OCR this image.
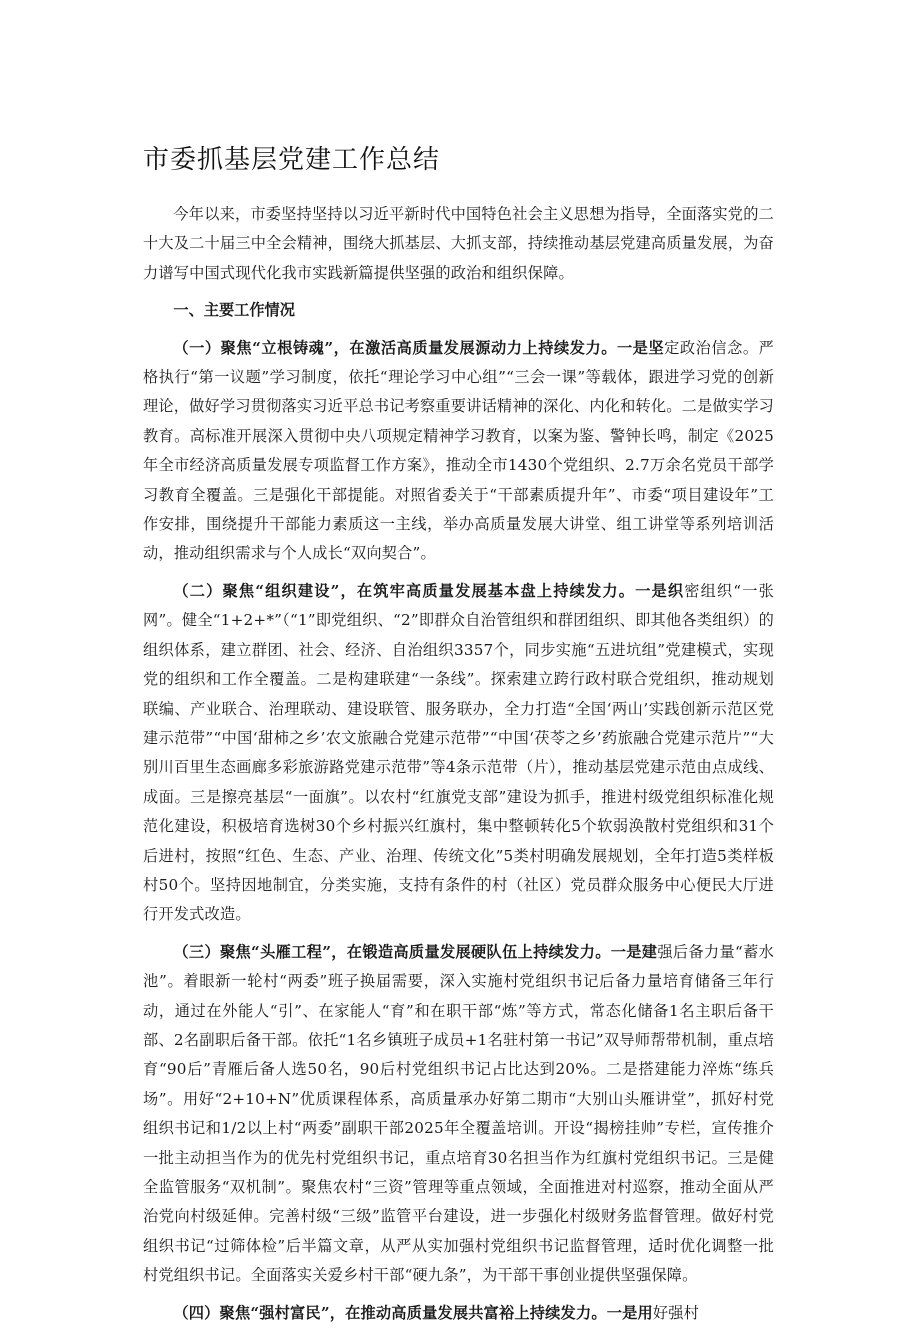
市委抓基层党建工作总结

今年以来，市委坚持坚持以习近平新时代中国特色社会主义思想为指导，全面落实党的二十大及二十届三中全会精神，围绕大抓基层、大抓支部，持续推动基层党建高质量发展，为奋力谱写中国式现代化我市实践新篇提供坚强的政治和组织保障。

一、主要工作情况

（一）聚焦“立根铸魂”，在激活高质量发展源动力上持续发力。一是坚定政治信念。严格执行“第一议题”学习制度，依托“理论学习中心组”“三会一课”等载体，跟进学习党的创新理论，做好学习贯彻落实习近平总书记考察重要讲话精神的深化、内化和转化。二是做实学习教育。高标准开展深入贯彻中央八项规定精神学习教育，以案为鉴、警钟长鸣，制定《2025年全市经济高质量发展专项监督工作方案》，推动全市1430个党组织、2.7万余名党员干部学习教育全覆盖。三是强化干部提能。对照省委关于“干部素质提升年”、市委“项目建设年”工作安排，围绕提升干部能力素质这一主线，举办高质量发展大讲堂、组工讲堂等系列培训活动，推动组织需求与个人成长“双向契合”。

（二）聚焦“组织建设”，在筑牢高质量发展基本盘上持续发力。一是织密组织“一张网”。健全“1+2+*”（“1”即党组织、“2”即群众自治管组织和群团组织、即其他各类组织）的组织体系，建立群团、社会、经济、自治组织3357个，同步实施“五进坑组”党建模式，实现党的组织和工作全覆盖。二是构建联建“一条线”。探索建立跨行政村联合党组织，推动规划联编、产业联合、治理联动、建设联管、服务联办，全力打造“全国‘两山’实践创新示范区党建示范带”“中国‘甜柿之乡’农文旅融合党建示范带”“中国‘茯苓之乡’药旅融合党建示范片”“大别川百里生态画廊多彩旅游路党建示范带”等4条示范带（片），推动基层党建示范由点成线、成面。三是擦亮基层“一面旗”。以农村“红旗党支部”建设为抓手，推进村级党组织标准化规范化建设，积极培育选树30个乡村振兴红旗村，集中整顿转化5个软弱涣散村党组织和31个后进村，按照“红色、生态、产业、治理、传统文化”5类村明确发展规划，全年打造5类样板村50个。坚持因地制宜，分类实施，支持有条件的村（社区）党员群众服务中心便民大厅进行开发式改造。

（三）聚焦“头雁工程”，在锻造高质量发展硬队伍上持续发力。一是建强后备力量“蓄水池”。着眼新一轮村“两委”班子换届需要，深入实施村党组织书记后备力量培育储备三年行动，通过在外能人“引”、在家能人“育”和在职干部“炼”等方式，常态化储备1名主职后备干部、2名副职后备干部。依托“1名乡镇班子成员+1名驻村第一书记”双导师帮带机制，重点培育“90后”青雁后备人选50名，90后村党组织书记占比达到20%。二是搭建能力淬炼“练兵场”。用好“2+10+N”优质课程体系，高质量承办好第二期市“大别山头雁讲堂”，抓好村党组织书记和1/2以上村“两委”副职干部2025年全覆盖培训。开设“揭榜挂帅”专栏，宣传推介一批主动担当作为的优先村党组织书记，重点培育30名担当作为红旗村党组织书记。三是健全监管服务“双机制”。聚焦农村“三资”管理等重点领域，全面推进对村巡察，推动全面从严治党向村级延伸。完善村级“三级”监管平台建设，进一步强化村级财务监督管理。做好村党组织书记“过筛体检”后半篇文章，从严从实加强村党组织书记监督管理，适时优化调整一批村党组织书记。全面落实关爱乡村干部“硬九条”，为干部干事创业提供坚强保障。

（四）聚焦“强村富民”，在推动高质量发展共富裕上持续发力。一是用好强村
